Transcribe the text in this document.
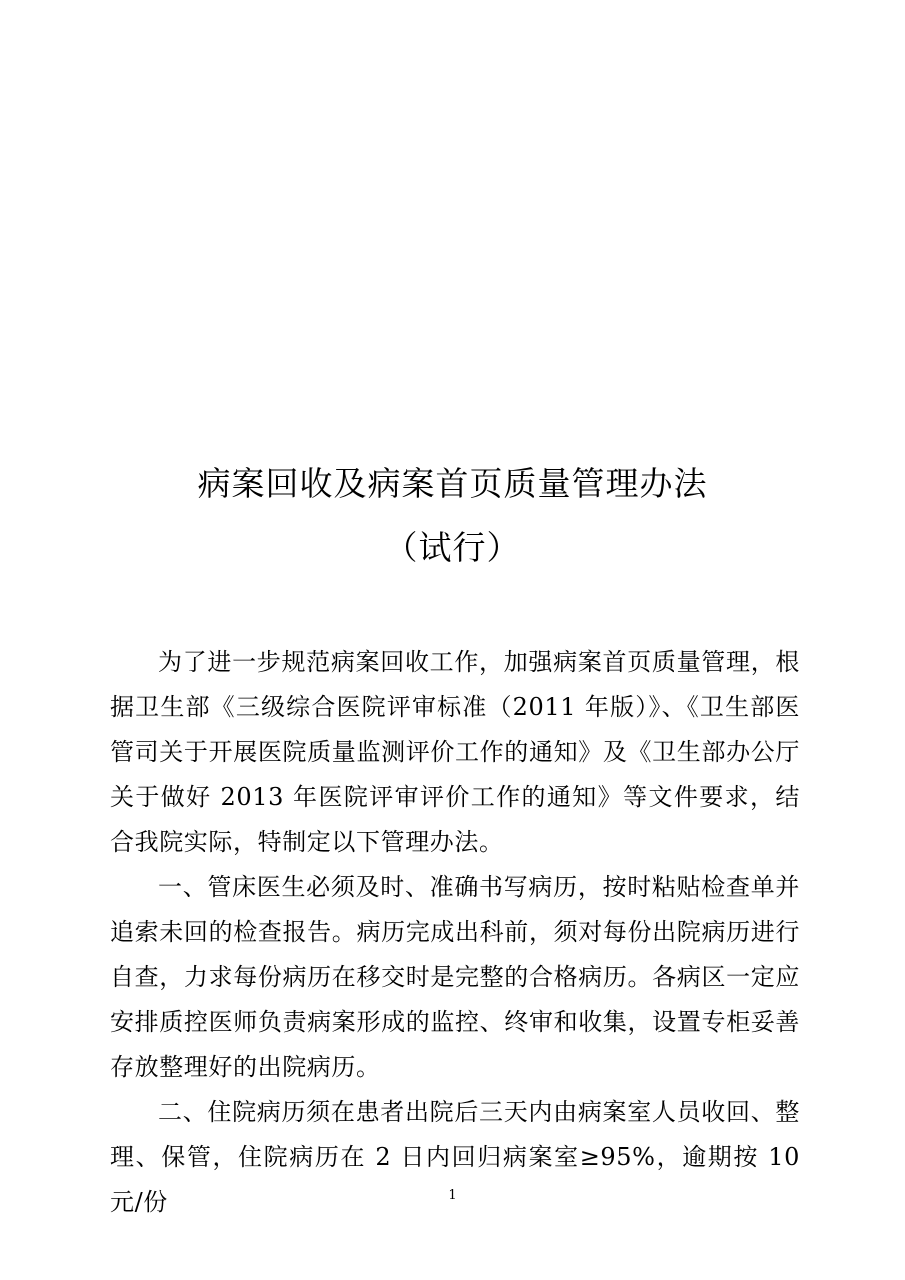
病案回收及病案首页质量管理办法
（试行）

为了进一步规范病案回收工作，加强病案首页质量管理，根据卫生部《三级综合医院评审标准（2011 年版）》、《卫生部医管司关于开展医院质量监测评价工作的通知》及《卫生部办公厅关于做好 2013 年医院评审评价工作的通知》等文件要求，结合我院实际，特制定以下管理办法。

一、管床医生必须及时、准确书写病历，按时粘贴检查单并追索未回的检查报告。病历完成出科前，须对每份出院病历进行自查，力求每份病历在移交时是完整的合格病历。各病区一定应安排质控医师负责病案形成的监控、终审和收集，设置专柜妥善存放整理好的出院病历。

二、住院病历须在患者出院后三天内由病案室人员收回、整理、保管，住院病历在 2 日内回归病案室≥95%，逾期按 10 元/份	1
